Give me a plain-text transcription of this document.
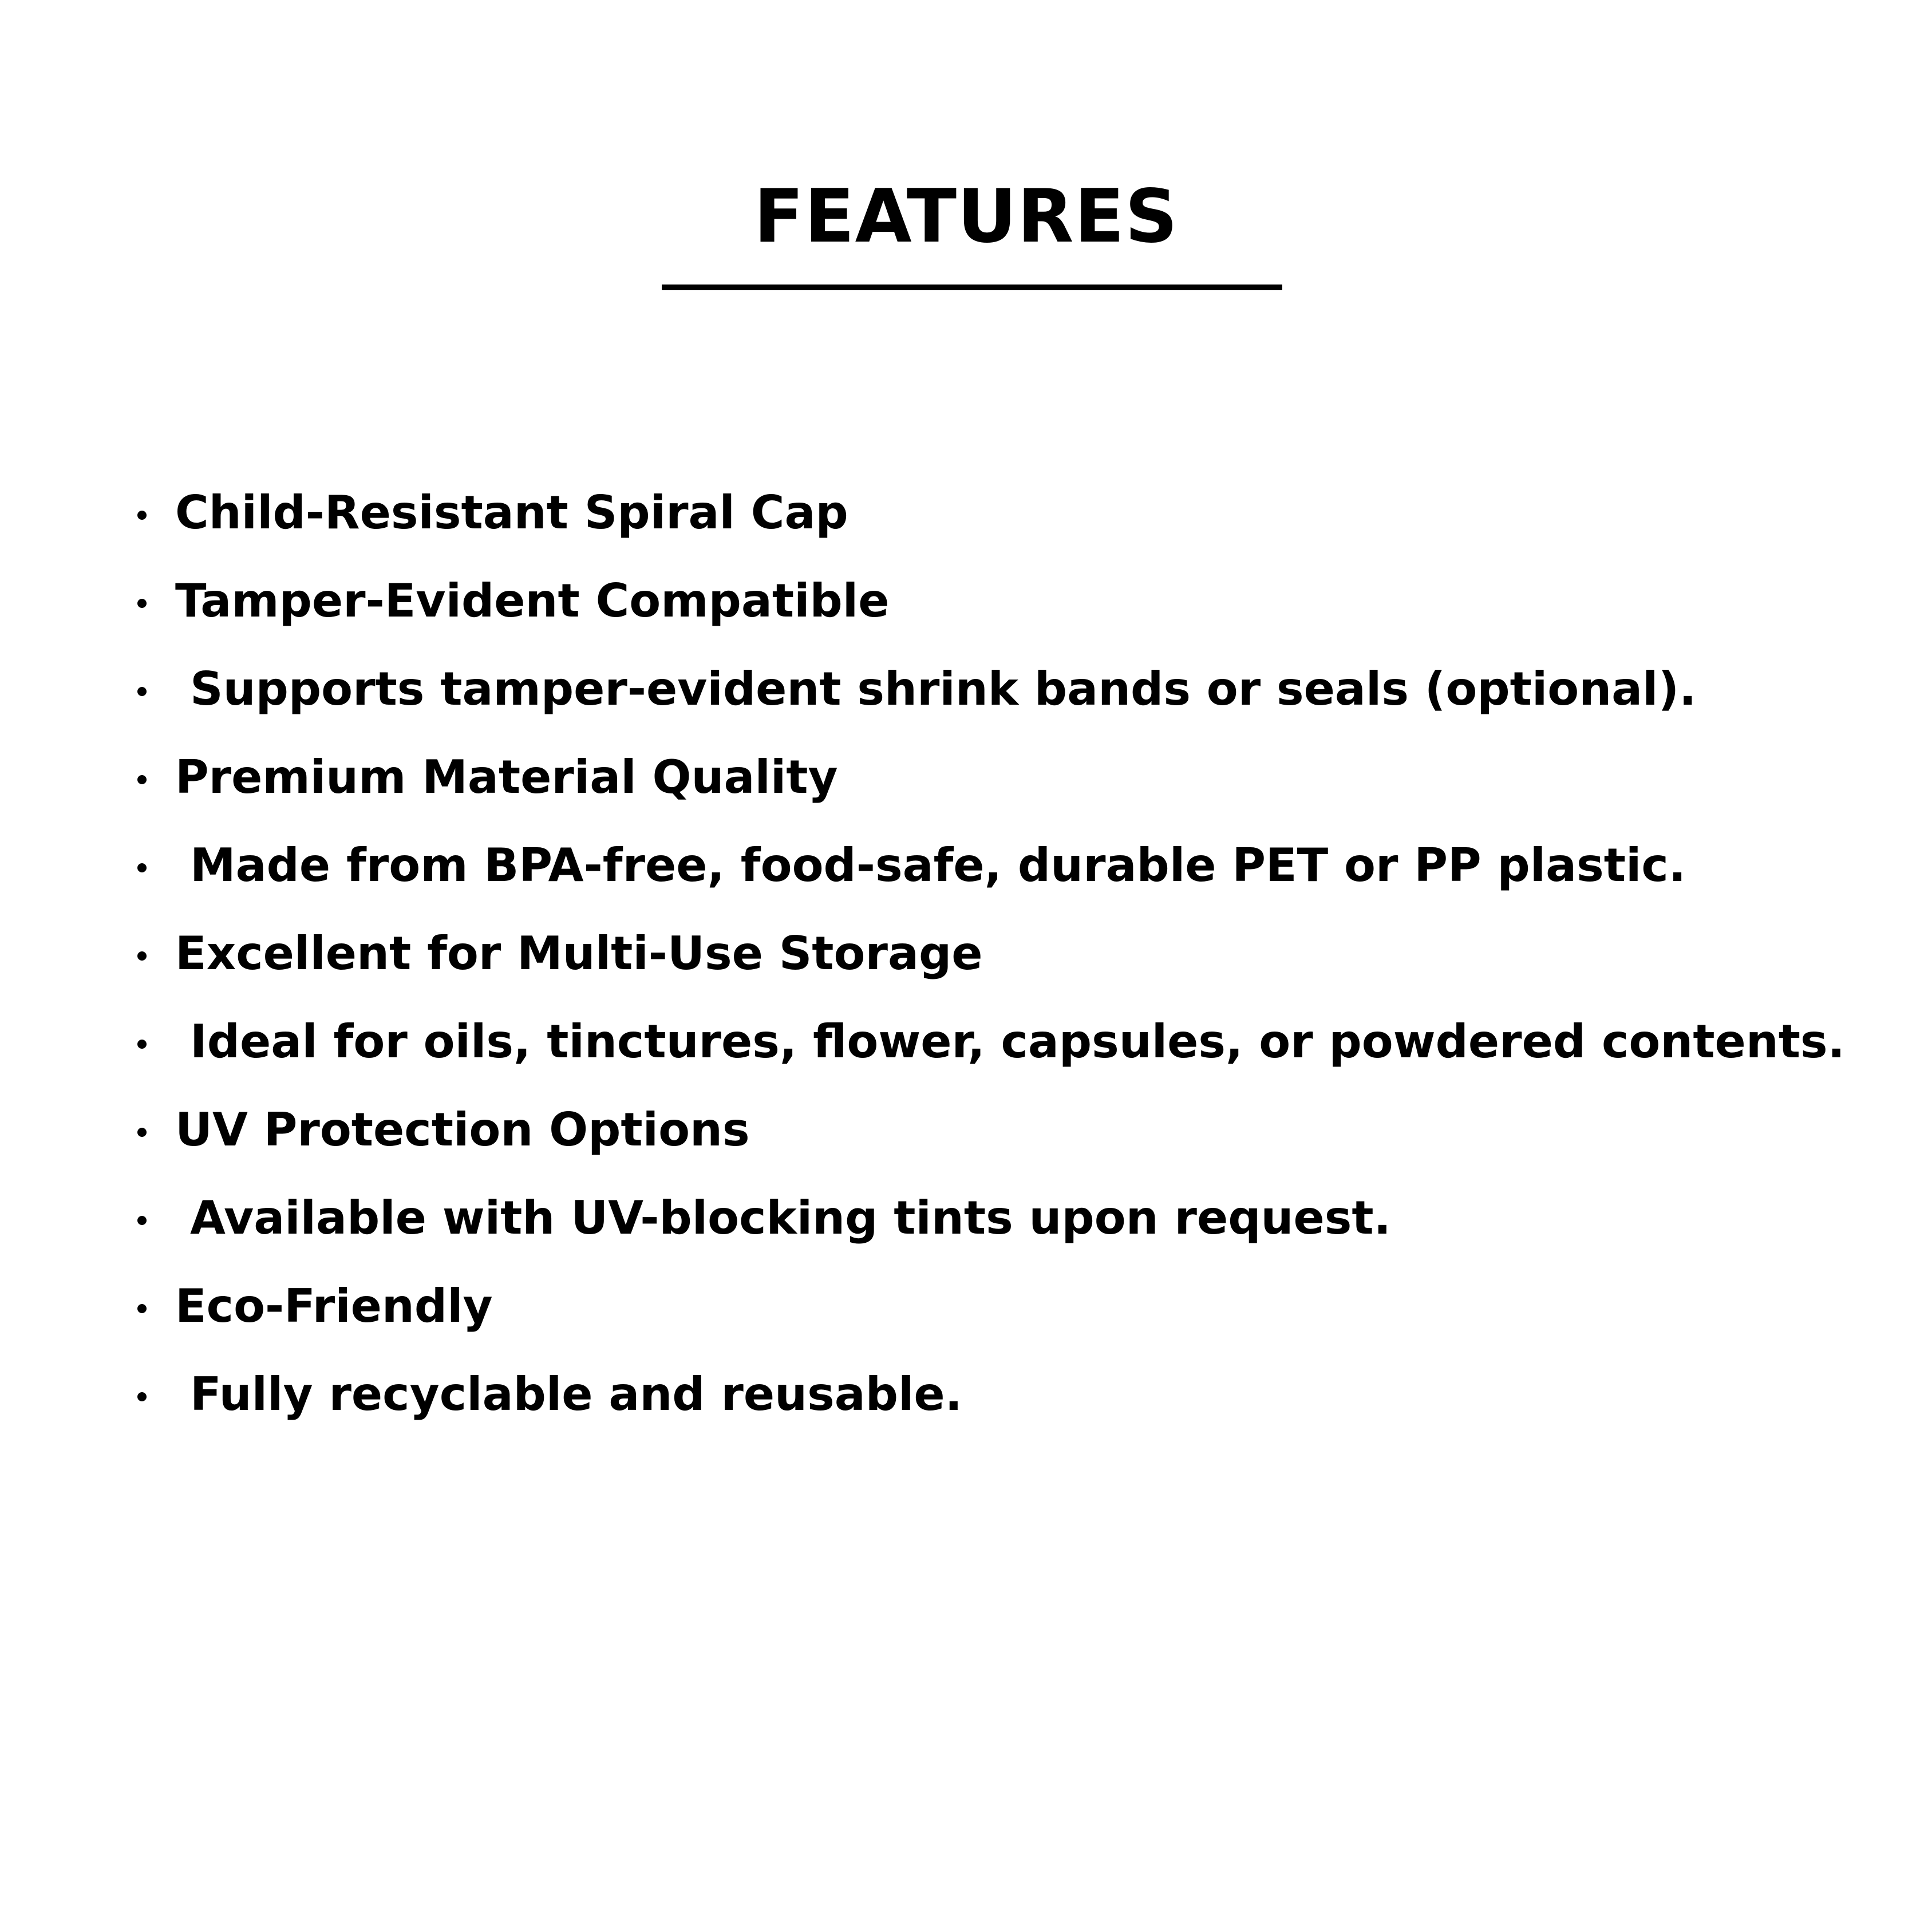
FEATURES
Child-Resistant Spiral Cap
Tamper-Evident Compatible
Supports tamper-evident shrink bands or seals (optional).
Premium Material Quality
Made from BPA-free, food-safe, durable PET or PP plastic.
Excellent for Multi-Use Storage
Ideal for oils, tinctures, flower, capsules, or powdered contents.
UV Protection Options
Available with UV-blocking tints upon request.
Eco-Friendly
Fully recyclable and reusable.
